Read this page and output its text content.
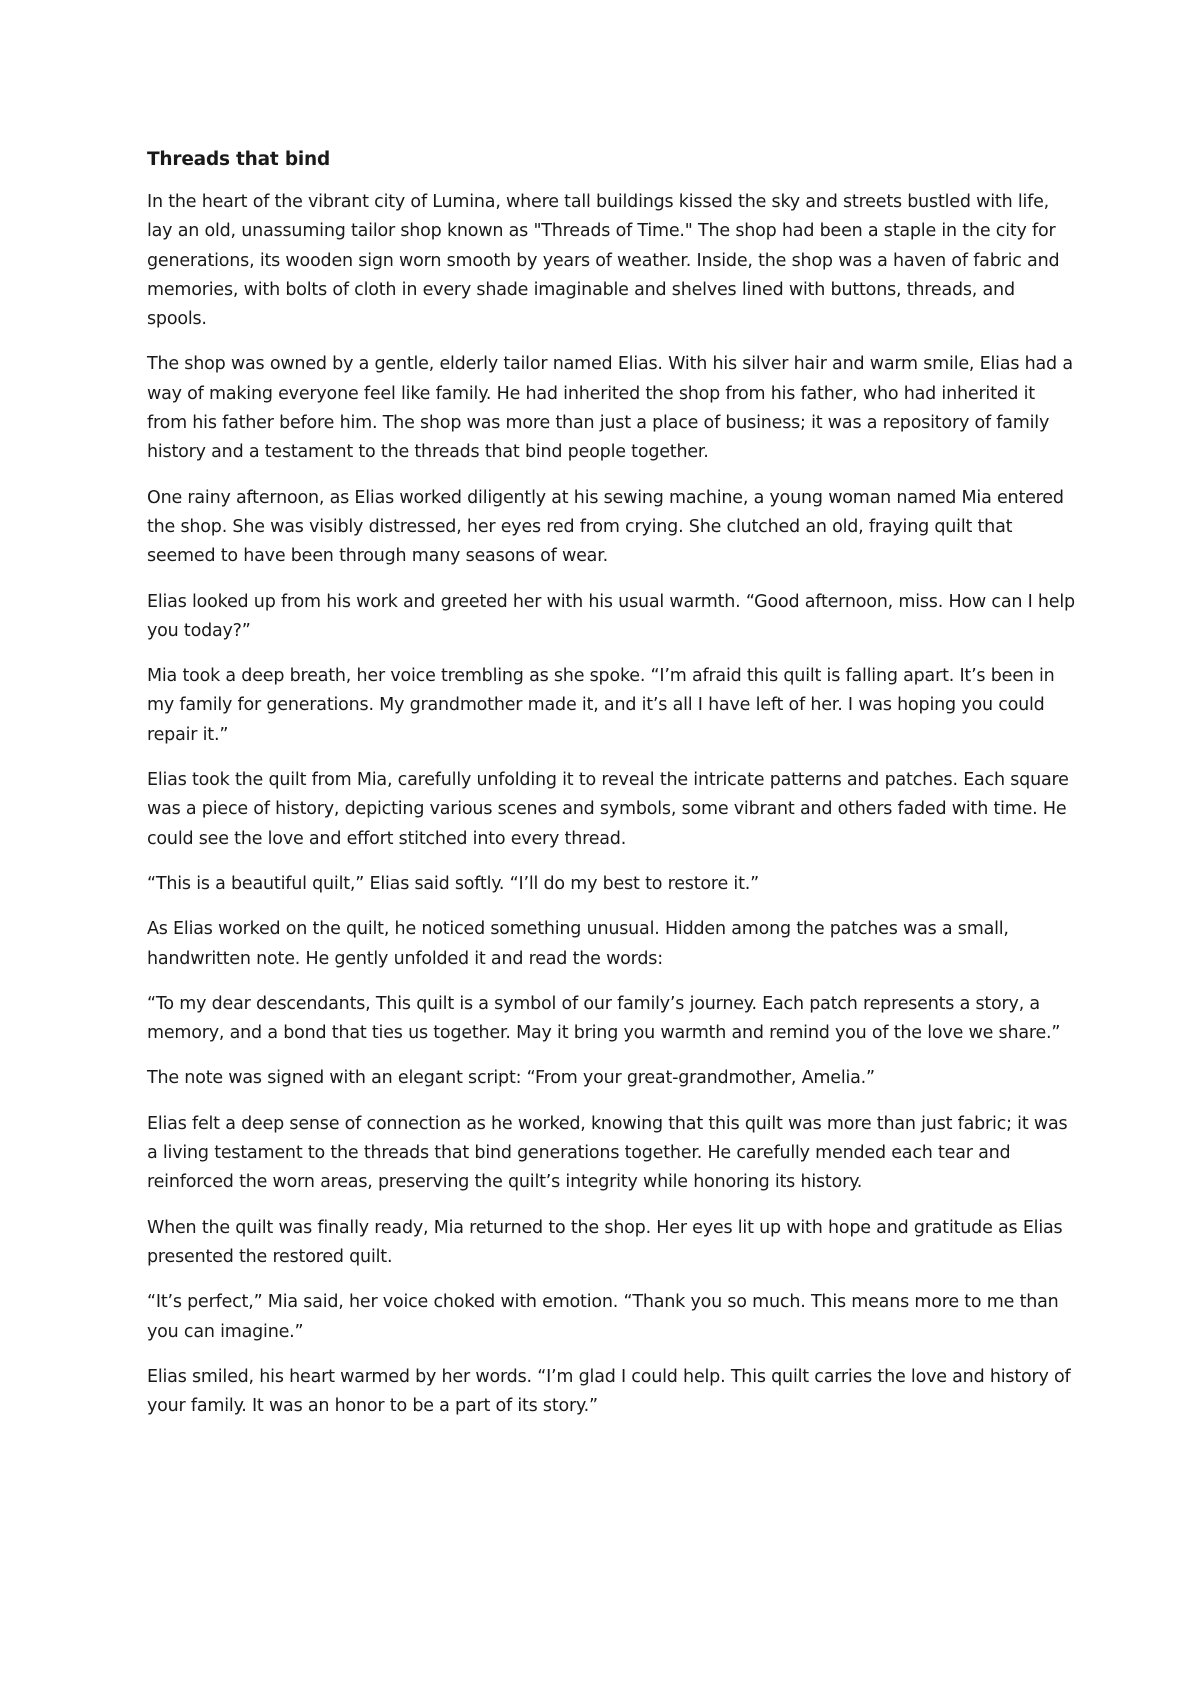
Threads that bind

In the heart of the vibrant city of Lumina, where tall buildings kissed the sky and streets bustled with life, lay an old, unassuming tailor shop known as "Threads of Time." The shop had been a staple in the city for generations, its wooden sign worn smooth by years of weather. Inside, the shop was a haven of fabric and memories, with bolts of cloth in every shade imaginable and shelves lined with buttons, threads, and spools.

The shop was owned by a gentle, elderly tailor named Elias. With his silver hair and warm smile, Elias had a way of making everyone feel like family. He had inherited the shop from his father, who had inherited it from his father before him. The shop was more than just a place of business; it was a repository of family history and a testament to the threads that bind people together.

One rainy afternoon, as Elias worked diligently at his sewing machine, a young woman named Mia entered the shop. She was visibly distressed, her eyes red from crying. She clutched an old, fraying quilt that seemed to have been through many seasons of wear.

Elias looked up from his work and greeted her with his usual warmth. “Good afternoon, miss. How can I help you today?”

Mia took a deep breath, her voice trembling as she spoke. “I’m afraid this quilt is falling apart. It’s been in my family for generations. My grandmother made it, and it’s all I have left of her. I was hoping you could repair it.”

Elias took the quilt from Mia, carefully unfolding it to reveal the intricate patterns and patches. Each square was a piece of history, depicting various scenes and symbols, some vibrant and others faded with time. He could see the love and effort stitched into every thread.

“This is a beautiful quilt,” Elias said softly. “I’ll do my best to restore it.”

As Elias worked on the quilt, he noticed something unusual. Hidden among the patches was a small, handwritten note. He gently unfolded it and read the words:

“To my dear descendants, This quilt is a symbol of our family’s journey. Each patch represents a story, a memory, and a bond that ties us together. May it bring you warmth and remind you of the love we share.”

The note was signed with an elegant script: “From your great-grandmother, Amelia.”

Elias felt a deep sense of connection as he worked, knowing that this quilt was more than just fabric; it was a living testament to the threads that bind generations together. He carefully mended each tear and reinforced the worn areas, preserving the quilt’s integrity while honoring its history.

When the quilt was finally ready, Mia returned to the shop. Her eyes lit up with hope and gratitude as Elias presented the restored quilt.

“It’s perfect,” Mia said, her voice choked with emotion. “Thank you so much. This means more to me than you can imagine.”

Elias smiled, his heart warmed by her words. “I’m glad I could help. This quilt carries the love and history of your family. It was an honor to be a part of its story.”
